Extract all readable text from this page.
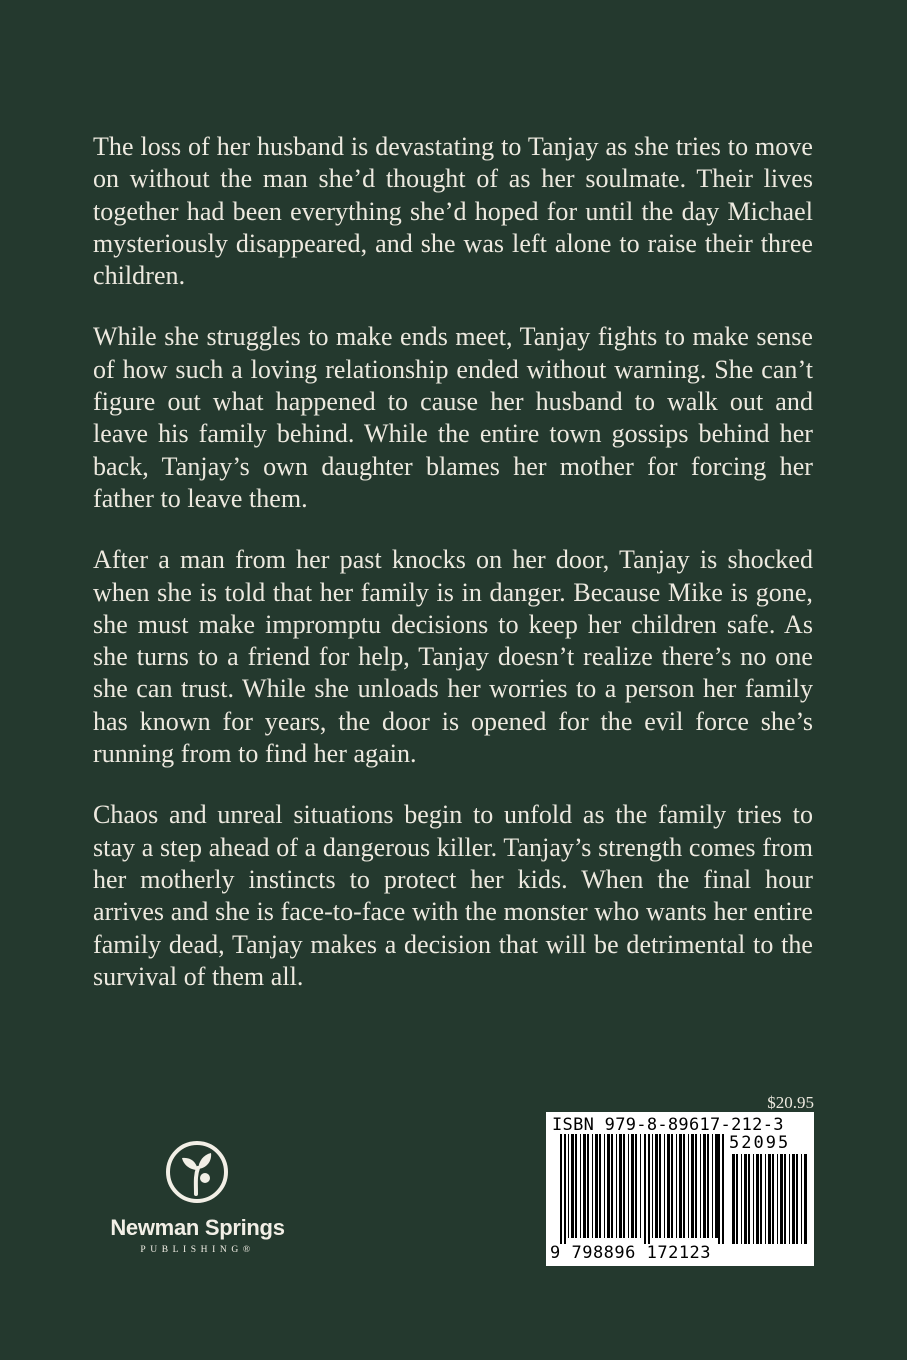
The loss of her husband is devastating to Tanjay as she tries to move on without the man she’d thought of as her soulmate. Their lives together had been everything she’d hoped for until the day Michael mysteriously disappeared, and she was left alone to raise their three children.

While she struggles to make ends meet, Tanjay fights to make sense of how such a loving relationship ended without warning. She can’t figure out what happened to cause her husband to walk out and leave his family behind. While the entire town gossips behind her back, Tanjay’s own daughter blames her mother for forcing her father to leave them.

After a man from her past knocks on her door, Tanjay is shocked when she is told that her family is in danger. Because Mike is gone, she must make impromptu decisions to keep her children safe. As she turns to a friend for help, Tanjay doesn’t realize there’s no one she can trust. While she unloads her worries to a person her family has known for years, the door is opened for the evil force she’s running from to find her again.

Chaos and unreal situations begin to unfold as the family tries to stay a step ahead of a dangerous killer. Tanjay’s strength comes from her motherly instincts to protect her kids. When the final hour arrives and she is face-to-face with the monster who wants her entire family dead, Tanjay makes a decision that will be detrimental to the survival of them all.

Newman Springs
PUBLISHING®
$20.95
ISBN 979-8-89617-212-3
52095
9 798896 172123
